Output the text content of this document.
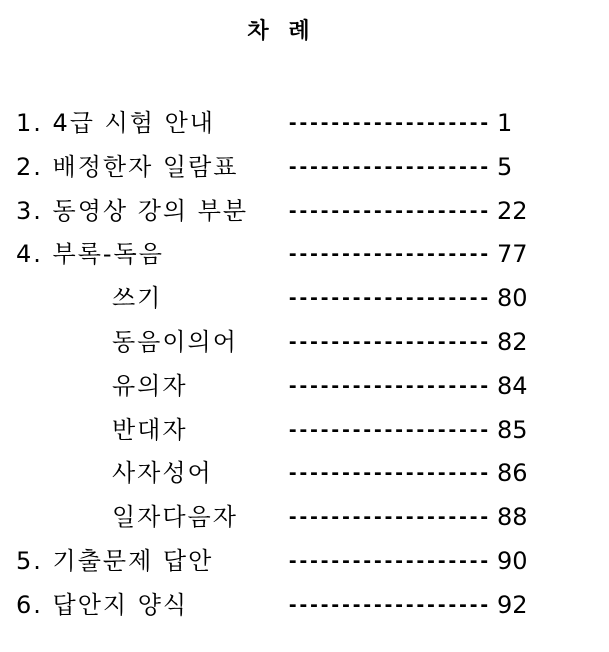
차 례
1. 4급 시험 안내	------------------- 1
2. 배정한자 일람표	------------------- 5
3. 동영상 강의 부분 ------------------- 22
4. 부록-독음	------------------- 77
쓰기	------------------- 80
동음이의어	------------------- 82
유의자	------------------- 84
반대자	------------------- 85
사자성어	------------------- 86
일자다음자	------------------- 88
5. 기출문제 답안	------------------- 90
6. 답안지 양식	------------------- 92
